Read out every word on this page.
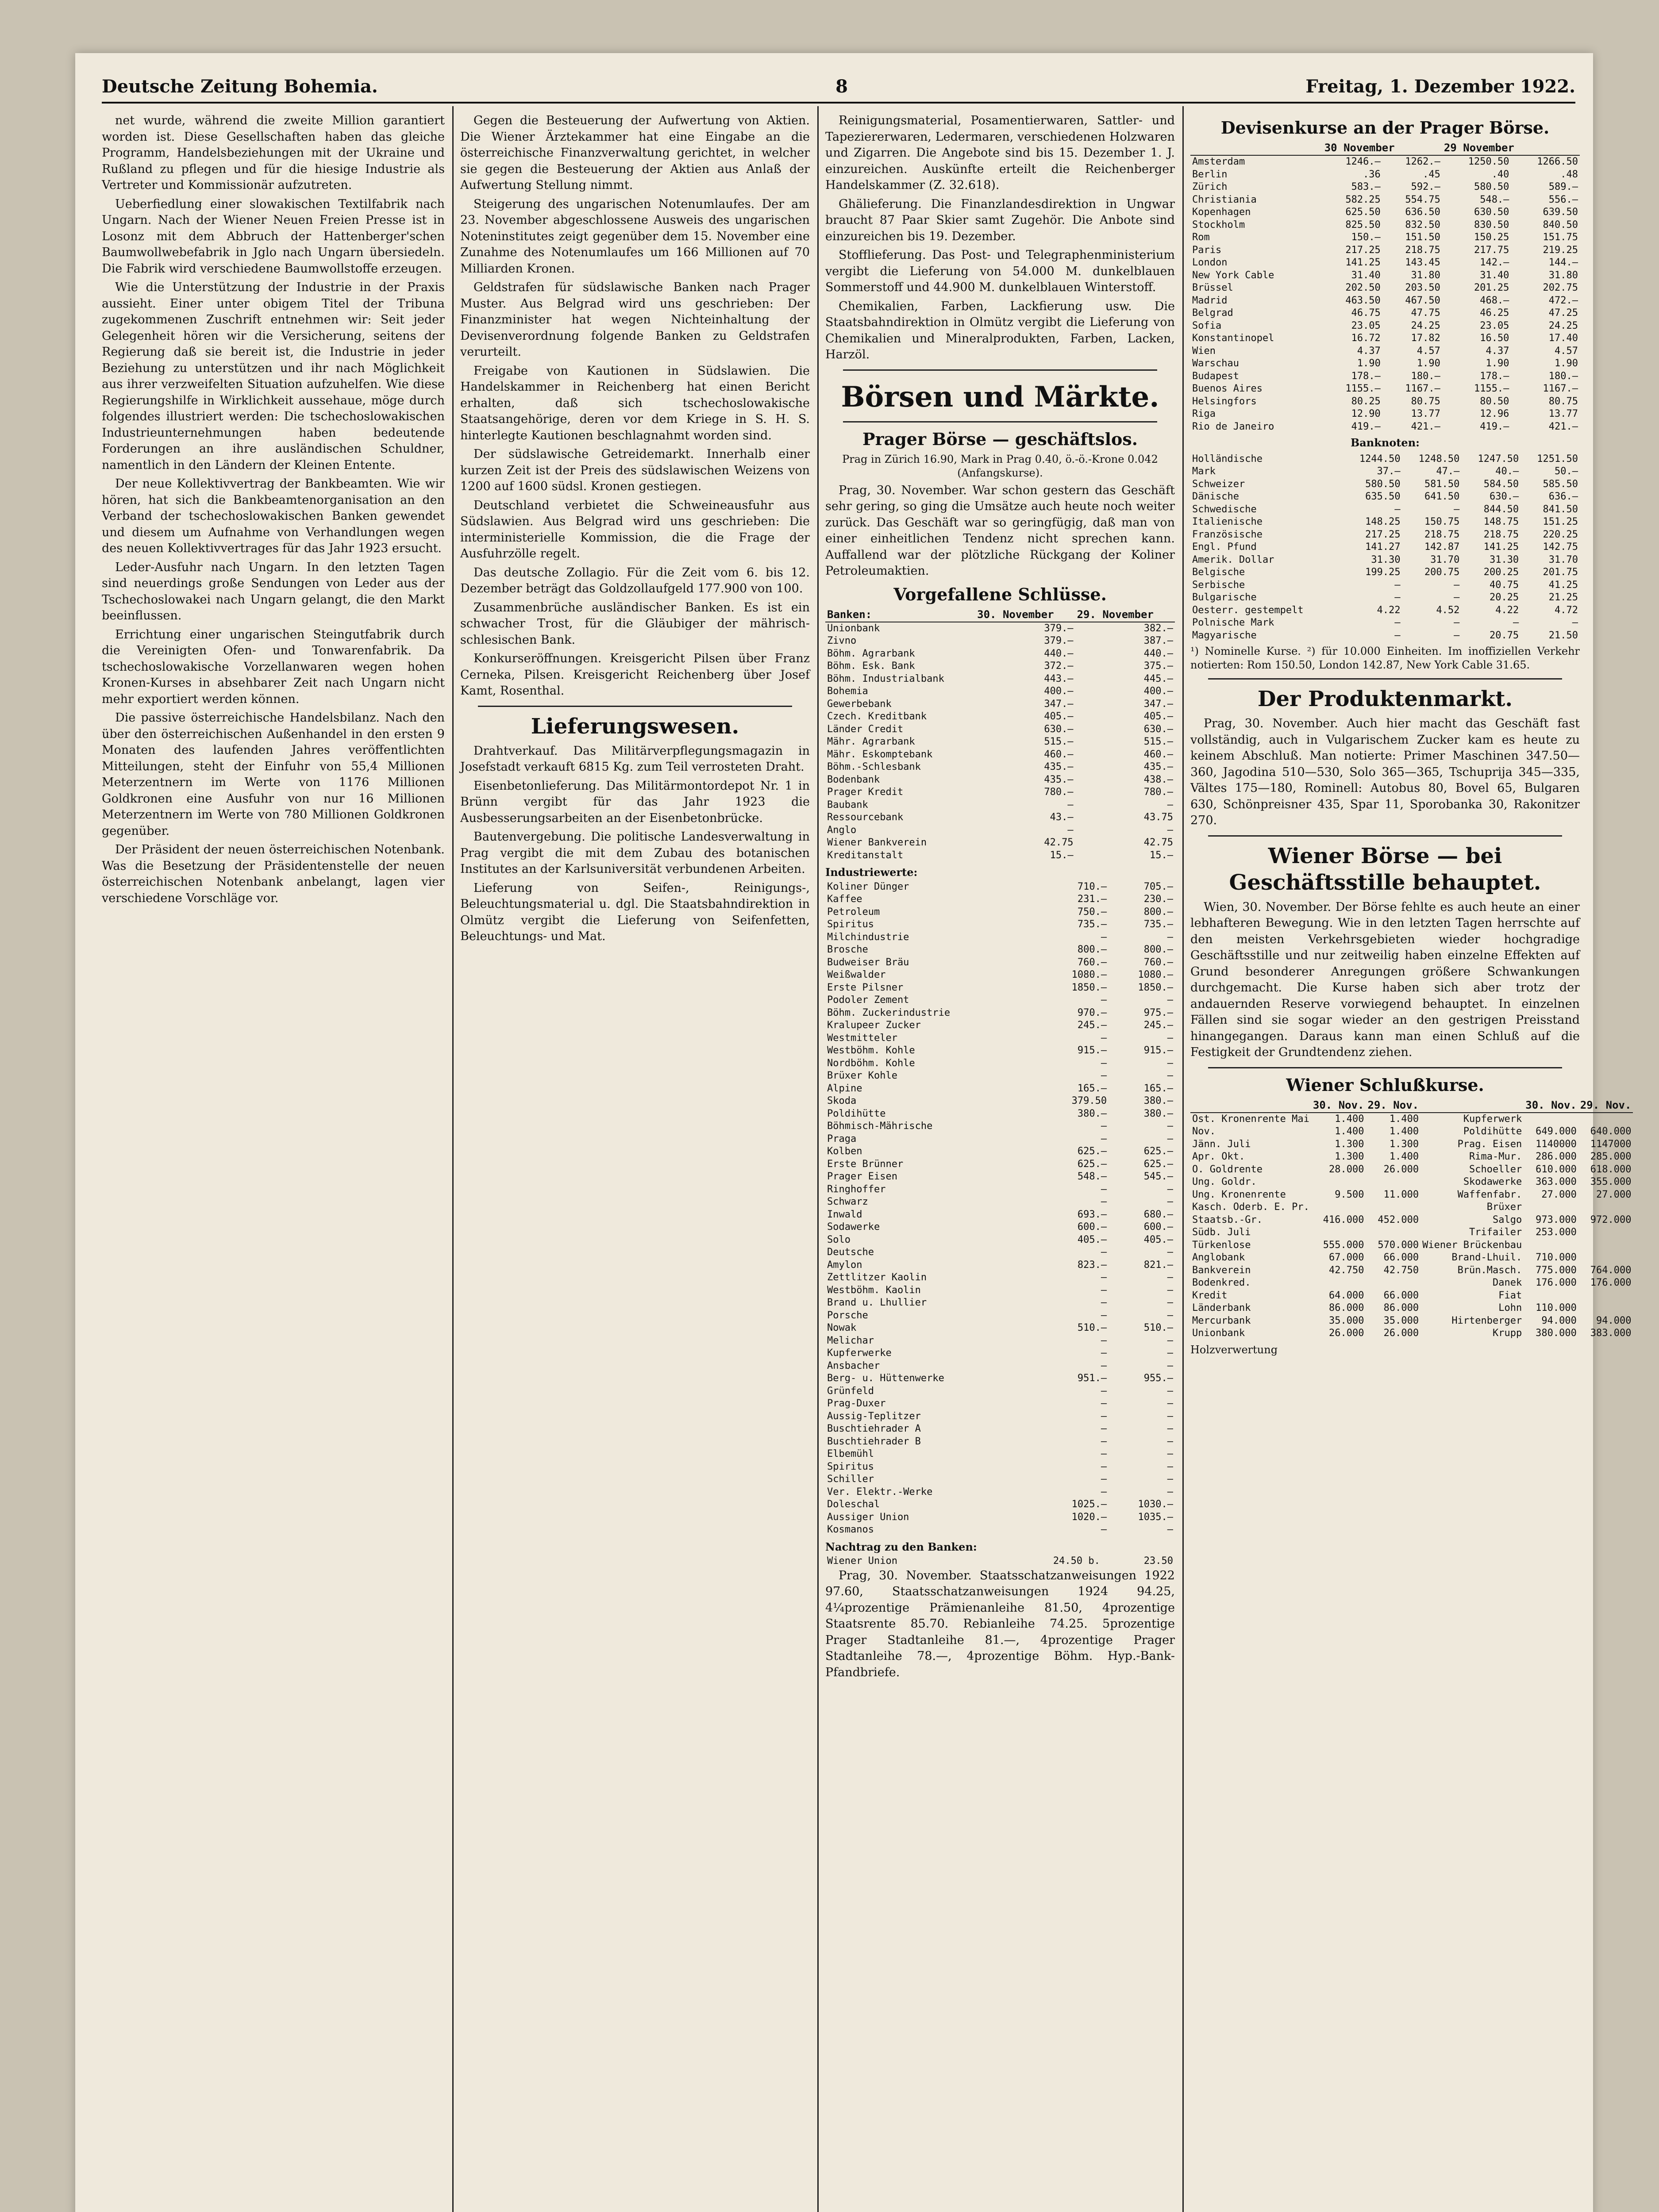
Deutsche Zeitung Bohemia.	8	Freitag, 1. Dezember 1922.

net wurde, während die zweite Million garantiert worden ist. Diese Gesellschaften haben das gleiche Programm, Handelsbeziehungen mit der Ukraine und Rußland zu pflegen und für die hiesige Industrie als Vertreter und Kommissionär aufzutreten.

Ueberfiedlung einer slowakischen Textilfabrik nach Ungarn. Nach der Wiener Neuen Freien Presse ist in Losonz mit dem Abbruch der Hattenberger'schen Baumwollwebefabrik in Jglo nach Ungarn übersiedeln. Die Fabrik wird verschiedene Baumwollstoffe erzeugen.

Wie die Unterstützung der Industrie in der Praxis aussieht. Einer unter obigem Titel der Tribuna zugekommenen Zuschrift entnehmen wir: Seit jeder Gelegenheit hören wir die Versicherung, seitens der Regierung daß sie bereit ist, die Industrie in jeder Beziehung zu unterstützen und ihr nach Möglichkeit aus ihrer verzweifelten Situation aufzuhelfen. Wie diese Regierungshilfe in Wirklichkeit aussehaue, möge durch folgendes illustriert werden: Die tschechoslowakischen Industrieunternehmungen haben bedeutende Forderungen an ihre ausländischen Schuldner, namentlich in den Ländern der Kleinen Entente.

Der neue Kollektivvertrag der Bankbeamten. Wie wir hören, hat sich die Bankbeamtenorganisation an den Verband der tschechoslowakischen Banken gewendet und diesem um Aufnahme von Verhandlungen wegen des neuen Kollektivvertrages für das Jahr 1923 ersucht.

Leder-Ausfuhr nach Ungarn. In den letzten Tagen sind neuerdings große Sendungen von Leder aus der Tschechoslowakei nach Ungarn gelangt, die den Markt beeinflussen.

Errichtung einer ungarischen Steingutfabrik durch die Vereinigten Ofen- und Tonwarenfabrik. Da tschechoslowakische Vorzellanwaren wegen hohen Kronen-Kurses in absehbarer Zeit nach Ungarn nicht mehr exportiert werden können.

Die passive österreichische Handelsbilanz. Nach den über den österreichischen Außenhandel in den ersten 9 Monaten des laufenden Jahres veröffentlichten Mitteilungen, steht der Einfuhr von 55,4 Millionen Meterzentnern im Werte von 1176 Millionen Goldkronen eine Ausfuhr von nur 16 Millionen Meterzentnern im Werte von 780 Millionen Goldkronen gegenüber.

Der Präsident der neuen österreichischen Notenbank. Was die Besetzung der Präsidentenstelle der neuen österreichischen Notenbank anbelangt, lagen vier verschiedene Vorschläge vor.

Gegen die Besteuerung der Aufwertung von Aktien. Die Wiener Ärztekammer hat eine Eingabe an die österreichische Finanzverwaltung gerichtet, in welcher sie gegen die Besteuerung der Aktien aus Anlaß der Aufwertung Stellung nimmt.

Steigerung des ungarischen Notenumlaufes. Der am 23. November abgeschlossene Ausweis des ungarischen Noteninstitutes zeigt gegenüber dem 15. November eine Zunahme des Notenumlaufes um 166 Millionen auf 70 Milliarden Kronen.

Geldstrafen für südslawische Banken nach Prager Muster. Aus Belgrad wird uns geschrieben: Der Finanzminister hat wegen Nichteinhaltung der Devisenverordnung folgende Banken zu Geldstrafen verurteilt.

Freigabe von Kautionen in Südslawien. Die Handelskammer in Reichenberg hat einen Bericht erhalten, daß sich tschechoslowakische Staatsangehörige, deren vor dem Kriege in S. H. S. hinterlegte Kautionen beschlagnahmt worden sind.

Der südslawische Getreidemarkt. Innerhalb einer kurzen Zeit ist der Preis des südslawischen Weizens von 1200 auf 1600 südsl. Kronen gestiegen.

Deutschland verbietet die Schweineausfuhr aus Südslawien. Aus Belgrad wird uns geschrieben: Die interministerielle Kommission, die die Frage der Ausfuhrzölle regelt.

Das deutsche Zollagio. Für die Zeit vom 6. bis 12. Dezember beträgt das Goldzollaufgeld 177.900 von 100.

Zusammenbrüche ausländischer Banken. Es ist ein schwacher Trost, für die Gläubiger der mährisch-schlesischen Bank.

Konkurseröffnungen. Kreisgericht Pilsen über Franz Cerneka, Pilsen. Kreisgericht Reichenberg über Josef Kamt, Rosenthal.

Lieferungswesen.

Drahtverkauf. Das Militärverpflegungsmagazin in Josefstadt verkauft 6815 Kg. zum Teil verrosteten Draht.

Eisenbetonlieferung. Das Militärmontordepot Nr. 1 in Brünn vergibt für das Jahr 1923 die Ausbesserungsarbeiten an der Eisenbetonbrücke.

Bautenvergebung. Die politische Landesverwaltung in Prag vergibt die mit dem Zubau des botanischen Institutes an der Karlsuniversität verbundenen Arbeiten.

Lieferung von Seifen-, Reinigungs-, Beleuchtungsmaterial u. dgl. Die Staatsbahndirektion in Olmütz vergibt die Lieferung von Seifenfetten, Beleuchtungs- und Mat.

Reinigungsmaterial, Posamentierwaren, Sattler- und Tapeziererwaren, Ledermaren, verschiedenen Holzwaren und Zigarren. Die Angebote sind bis 15. Dezember 1. J. einzureichen. Auskünfte erteilt die Reichenberger Handelskammer (Z. 32.618).

Ghälieferung. Die Finanzlandesdirektion in Ungwar braucht 87 Paar Skier samt Zugehör. Die Anbote sind einzureichen bis 19. Dezember.

Stofflieferung. Das Post- und Telegraphenministerium vergibt die Lieferung von 54.000 M. dunkelblauen Sommerstoff und 44.900 M. dunkelblauen Winterstoff.

Chemikalien, Farben, Lackfierung usw. Die Staatsbahndirektion in Olmütz vergibt die Lieferung von Chemikalien und Mineralprodukten, Farben, Lacken, Harzöl.

Börsen und Märkte.
Prager Börse — geschäftslos.

Prag in Zürich 16.90, Mark in Prag 0.40, ö.-ö.-Krone 0.042 (Anfangskurse).

Prag, 30. November. War schon gestern das Geschäft sehr gering, so ging die Umsätze auch heute noch weiter zurück. Das Geschäft war so geringfügig, daß man von einer einheitlichen Tendenz nicht sprechen kann. Auffallend war der plötzliche Rückgang der Koliner Petroleumaktien.

Vorgefallene Schlüsse.
Banken:	30. November	29. November
Unionbank	379.—	382.—
Zivno	379.—	387.—
Böhm. Agrarbank	440.—	440.—
Böhm. Esk. Bank	372.—	375.—
Böhm. Industrialbank	443.—	445.—
Bohemia	400.—	400.—
Gewerbebank	347.—	347.—
Czech. Kreditbank	405.—	405.—
Länder Credit	630.—	630.—
Mähr. Agrarbank	515.—	515.—
Mähr. Eskomptebank	460.—	460.—
Böhm.-Schlesbank	435.—	435.—
Bodenbank	435.—	438.—
Prager Kredit	780.—	780.—
Baubank	—	—
Ressourcebank	43.—	43.75
Anglo	—	—
Wiener Bankverein	42.75	42.75
Kreditanstalt	15.—	15.—
Industriewerte:
Koliner Dünger	710.—	705.—
Kaffee	231.—	230.—
Petroleum	750.—	800.—
Spiritus	735.—	735.—
Milchindustrie	—	—
Brosche	800.—	800.—
Budweiser Bräu	760.—	760.—
Weißwalder	1080.—	1080.—
Erste Pilsner	1850.—	1850.—
Podoler Zement	—	—
Böhm. Zuckerindustrie	970.—	975.—
Kralupeer Zucker	245.—	245.—
Westmitteler	—	—
Westböhm. Kohle	915.—	915.—
Nordböhm. Kohle	—	—
Brüxer Kohle	—	—
Alpine	165.—	165.—
Skoda	379.50	380.—
Poldihütte	380.—	380.—
Böhmisch-Mährische	—	—
Praga	—	—
Kolben	625.—	625.—
Erste Brünner	625.—	625.—
Prager Eisen	548.—	545.—
Ringhoffer	—	—
Schwarz	—	—
Inwald	693.—	680.—
Sodawerke	600.—	600.—
Solo	405.—	405.—
Deutsche	—	—
Amylon	823.—	821.—
Zettlitzer Kaolin	—	—
Westböhm. Kaolin	—	—
Brand u. Lhullier	—	—
Porsche	—	—
Nowak	510.—	510.—
Melichar	—	—
Kupferwerke	—	—
Ansbacher	—	—
Berg- u. Hüttenwerke	951.—	955.—
Grünfeld	—	—
Prag-Duxer	—	—
Aussig-Teplitzer	—	—
Buschtiehrader A	—	—
Buschtiehrader B	—	—
Elbemühl	—	—
Spiritus	—	—
Schiller	—	—
Ver. Elektr.-Werke	—	—
Doleschal	1025.—	1030.—
Aussiger Union	1020.—	1035.—
Kosmanos	—	—
Nachtrag zu den Banken:
Wiener Union	24.50 b.	23.50

Prag, 30. November. Staatsschatzanweisungen 1922 97.60, Staatsschatzanweisungen 1924 94.25, 4¼prozentige Prämienanleihe 81.50, 4prozentige Staatsrente 85.70. Rebianleihe 74.25. 5prozentige Prager Stadtanleihe 81.—, 4prozentige Prager Stadtanleihe 78.—, 4prozentige Böhm. Hyp.-Bank-Pfandbriefe.

Devisenkurse an der Prager Börse.
	30 November		29 November	
Amsterdam	1246.—	1262.—	1250.50	1266.50
Berlin	.36	.45	.40	.48
Zürich	583.—	592.—	580.50	589.—
Christiania	582.25	554.75	548.—	556.—
Kopenhagen	625.50	636.50	630.50	639.50
Stockholm	825.50	832.50	830.50	840.50
Rom	150.—	151.50	150.25	151.75
Paris	217.25	218.75	217.75	219.25
London	141.25	143.45	142.—	144.—
New York Cable	31.40	31.80	31.40	31.80
Brüssel	202.50	203.50	201.25	202.75
Madrid	463.50	467.50	468.—	472.—
Belgrad	46.75	47.75	46.25	47.25
Sofia	23.05	24.25	23.05	24.25
Konstantinopel	16.72	17.82	16.50	17.40
Wien	4.37	4.57	4.37	4.57
Warschau	1.90	1.90	1.90	1.90
Budapest	178.—	180.—	178.—	180.—
Buenos Aires	1155.—	1167.—	1155.—	1167.—
Helsingfors	80.25	80.75	80.50	80.75
Riga	12.90	13.77	12.96	13.77
Rio de Janeiro	419.—	421.—	419.—	421.—
Banknoten:
Holländische	1244.50	1248.50	1247.50	1251.50
Mark	37.—	47.—	40.—	50.—
Schweizer	580.50	581.50	584.50	585.50
Dänische	635.50	641.50	630.—	636.—
Schwedische	—	—	844.50	841.50
Italienische	148.25	150.75	148.75	151.25
Französische	217.25	218.75	218.75	220.25
Engl. Pfund	141.27	142.87	141.25	142.75
Amerik. Dollar	31.30	31.70	31.30	31.70
Belgische	199.25	200.75	200.25	201.75
Serbische	—	—	40.75	41.25
Bulgarische	—	—	20.25	21.25
Oesterr. gestempelt	4.22	4.52	4.22	4.72
Polnische Mark	—	—	—	—
Magyarische	—	—	20.75	21.50

¹) Nominelle Kurse. ²) für 10.000 Einheiten. Im inoffiziellen Verkehr notierten: Rom 150.50, London 142.87, New York Cable 31.65.

Der Produktenmarkt.

Prag, 30. November. Auch hier macht das Geschäft fast vollständig, auch in Vulgarischem Zucker kam es heute zu keinem Abschluß. Man notierte: Primer Maschinen 347.50—360, Jagodina 510—530, Solo 365—365, Tschuprija 345—335, Vältes 175—180, Rominell: Autobus 80, Bovel 65, Bulgaren 630, Schönpreisner 435, Spar 11, Sporobanka 30, Rakonitzer 270.

Wiener Börse — bei Geschäftsstille behauptet.

Wien, 30. November. Der Börse fehlte es auch heute an einer lebhafteren Bewegung. Wie in den letzten Tagen herrschte auf den meisten Verkehrsgebieten wieder hochgradige Geschäftsstille und nur zeitweilig haben einzelne Effekten auf Grund besonderer Anregungen größere Schwankungen durchgemacht. Die Kurse haben sich aber trotz der andauernden Reserve vorwiegend behauptet. In einzelnen Fällen sind sie sogar wieder an den gestrigen Preisstand hinangegangen. Daraus kann man einen Schluß auf die Festigkeit der Grundtendenz ziehen.

Wiener Schlußkurse.
	30. Nov.	29. Nov.		30. Nov.	29. Nov.
Ost. Kronenrente Mai	1.400	1.400	Kupferwerk		
Nov.	1.400	1.400	Poldihütte	649.000	640.000
Jänn. Juli	1.300	1.300	Prag. Eisen	1140000	1147000
Apr. Okt.	1.300	1.400	Rima-Mur.	286.000	285.000
O. Goldrente	28.000	26.000	Schoeller	610.000	618.000
Ung. Goldr.			Skodawerke	363.000	355.000
Ung. Kronenrente	9.500	11.000	Waffenfabr.	27.000	27.000
Kasch. Oderb. E. Pr.			Brüxer		
Staatsb.-Gr.	416.000	452.000	Salgo	973.000	972.000
Südb. Juli			Trifailer	253.000	
Türkenlose	555.000	570.000	Wiener Brückenbau		
Anglobank	67.000	66.000	Brand-Lhuil.	710.000	
Bankverein	42.750	42.750	Brün.Masch.	775.000	764.000
Bodenkred.			Danek	176.000	176.000
Kredit	64.000	66.000	Fiat		
Länderbank	86.000	86.000	Lohn	110.000	
Mercurbank	35.000	35.000	Hirtenberger	94.000	94.000
Unionbank	26.000	26.000	Krupp	380.000	383.000
Holzverwertung
